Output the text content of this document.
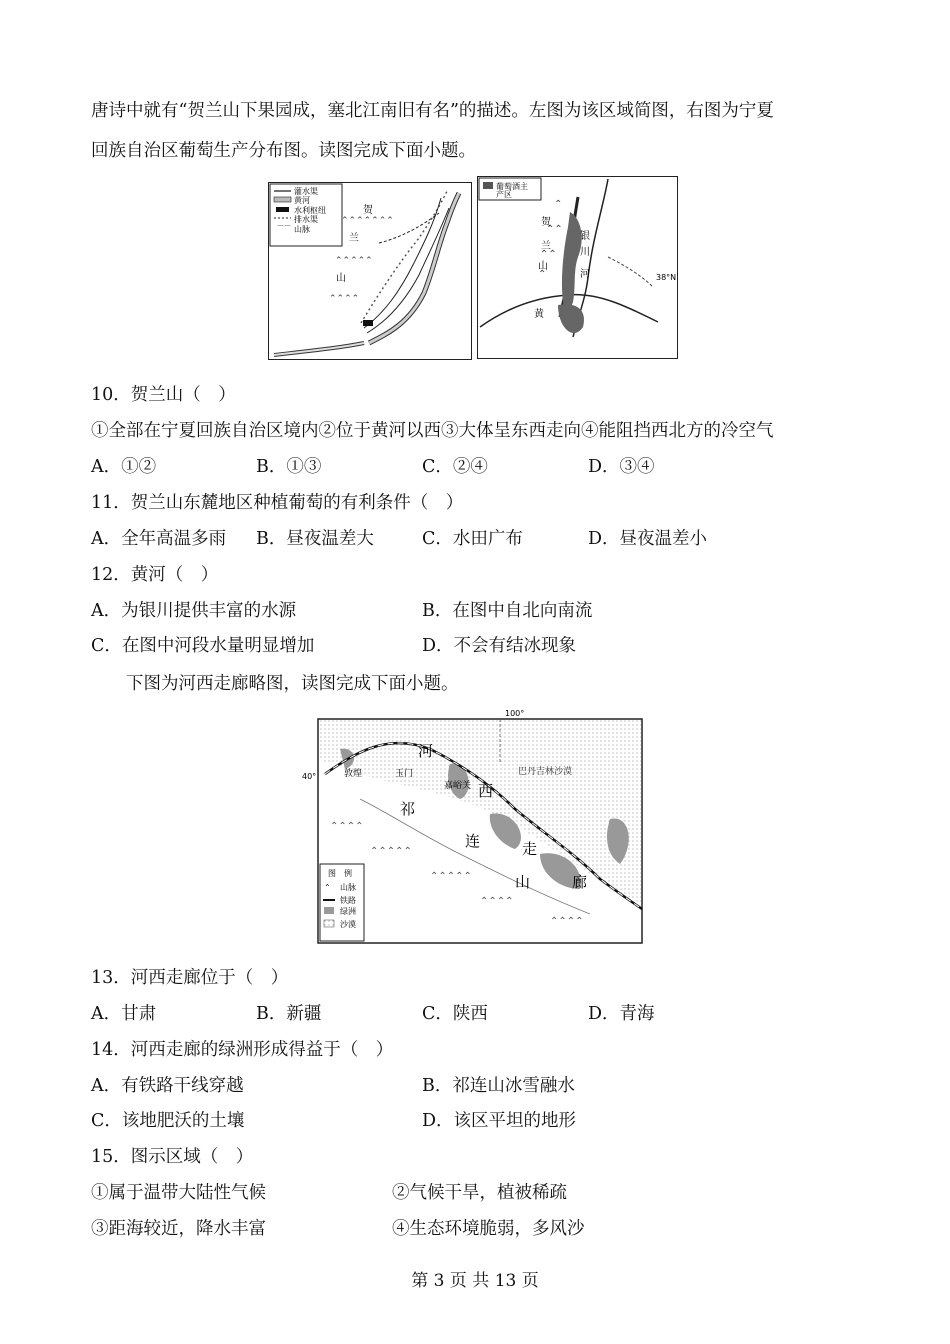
唐诗中就有“贺兰山下果园成，塞北江南旧有名”的描述。左图为该区域简图，右图为宁夏
回族自治区葡萄生产分布图。读图完成下面小题。
⌒⌒
灌水渠
黄河
水利枢纽
排水渠
山脉
⌃⌃⌃⌃⌃⌃⌃
⌃⌃⌃⌃⌃
⌃⌃⌃⌃
贺
兰
山
葡萄酒主
产区
⌃
⌃⌃
⌃⌃
⌃
贺
兰
山
银
川
河
黄
38°N
10．贺兰山（　）
①全部在宁夏回族自治区境内②位于黄河以西③大体呈东西走向④能阻挡西北方的冷空气
A．①②	B．①③	C．②④	D．③④
11．贺兰山东麓地区种植葡萄的有利条件（　）
A．全年高温多雨 B．昼夜温差大	C．水田广布	D．昼夜温差小
12．黄河（　）
A．为银川提供丰富的水源	B．在图中自北向南流
C．在图中河段水量明显增加	D．不会有结冰现象
下图为河西走廊略图，读图完成下面小题。
100°
40°
⌃⌃⌃⌃
⌃⌃⌃⌃⌃
⌃⌃⌃⌃⌃
⌃⌃⌃⌃
⌃⌃⌃⌃
敦煌	玉门
嘉峪关
巴丹吉林沙漠
河
西
走
廊
祁
连
山
图　例
⌃ 山脉
铁路
绿洲
沙漠
13．河西走廊位于（　）
A．甘肃	B．新疆	C．陕西	D．青海
14．河西走廊的绿洲形成得益于（　）
A．有铁路干线穿越	B．祁连山冰雪融水
C．该地肥沃的土壤	D．该区平坦的地形
15．图示区域（　）
①属于温带大陆性气候	②气候干旱，植被稀疏
③距海较近，降水丰富	④生态环境脆弱，多风沙
第 3 页 共 13 页
